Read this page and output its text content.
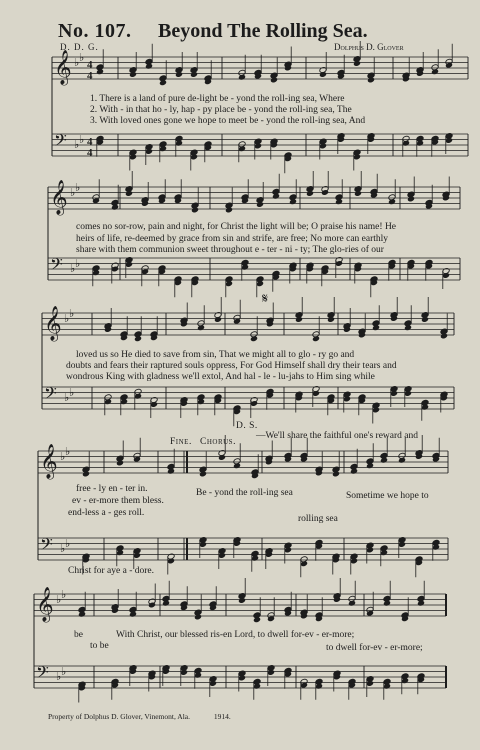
No. 107. Beyond The Rolling Sea.
D. D. G.	Dolphus D. Glover
𝄞 ♭ ♭
4
4
𝄢 ♭ ♭ 4
4
𝄞 ♭ ♭
𝄢 ♭ ♭
𝄞 ♭ ♭
𝄢 ♭ ♭
𝄞 ♭ ♭
𝄢 ♭ ♭
𝄞 ♭ ♭
𝄢 ♭ ♭
𝄋
1. There is a land of pure de-light be - yond the roll-ing sea, Where
2. With - in that ho - ly, hap - py place be - yond the roll-ing sea, The
3. With loved ones gone we hope to meet be - yond the roll-ing sea, And
comes no sor-row, pain and night, for Christ the light will be; O praise his name! He
heirs of life, re-deemed by grace from sin and strife, are free; No more can earthly
share with them communion sweet throughout e - ter - ni - ty; The glo-ries of our
loved us so He died to save from sin, That we might all to glo - ry go and
doubts and fears their raptured souls oppress, For God Himself shall dry their tears and
wondrous King with gladness we'll extol, And hal - le - lu-jahs to Him sing while
D. S.
—We'll share the faithful one's reward and
Fine. Chorus.
free - ly en - ter in.
ev - er-more them bless.
end-less a - ges roll.
Be - yond the roll-ing sea	Sometime we hope to
rolling sea
Christ for aye a - dore.
be	With Christ, our blessed ris-en Lord, to dwell for-ev - er-more;
to be	to dwell for-ev - er-more;
Property of Dolphus D. Glover, Vinemont, Ala.	1914.
